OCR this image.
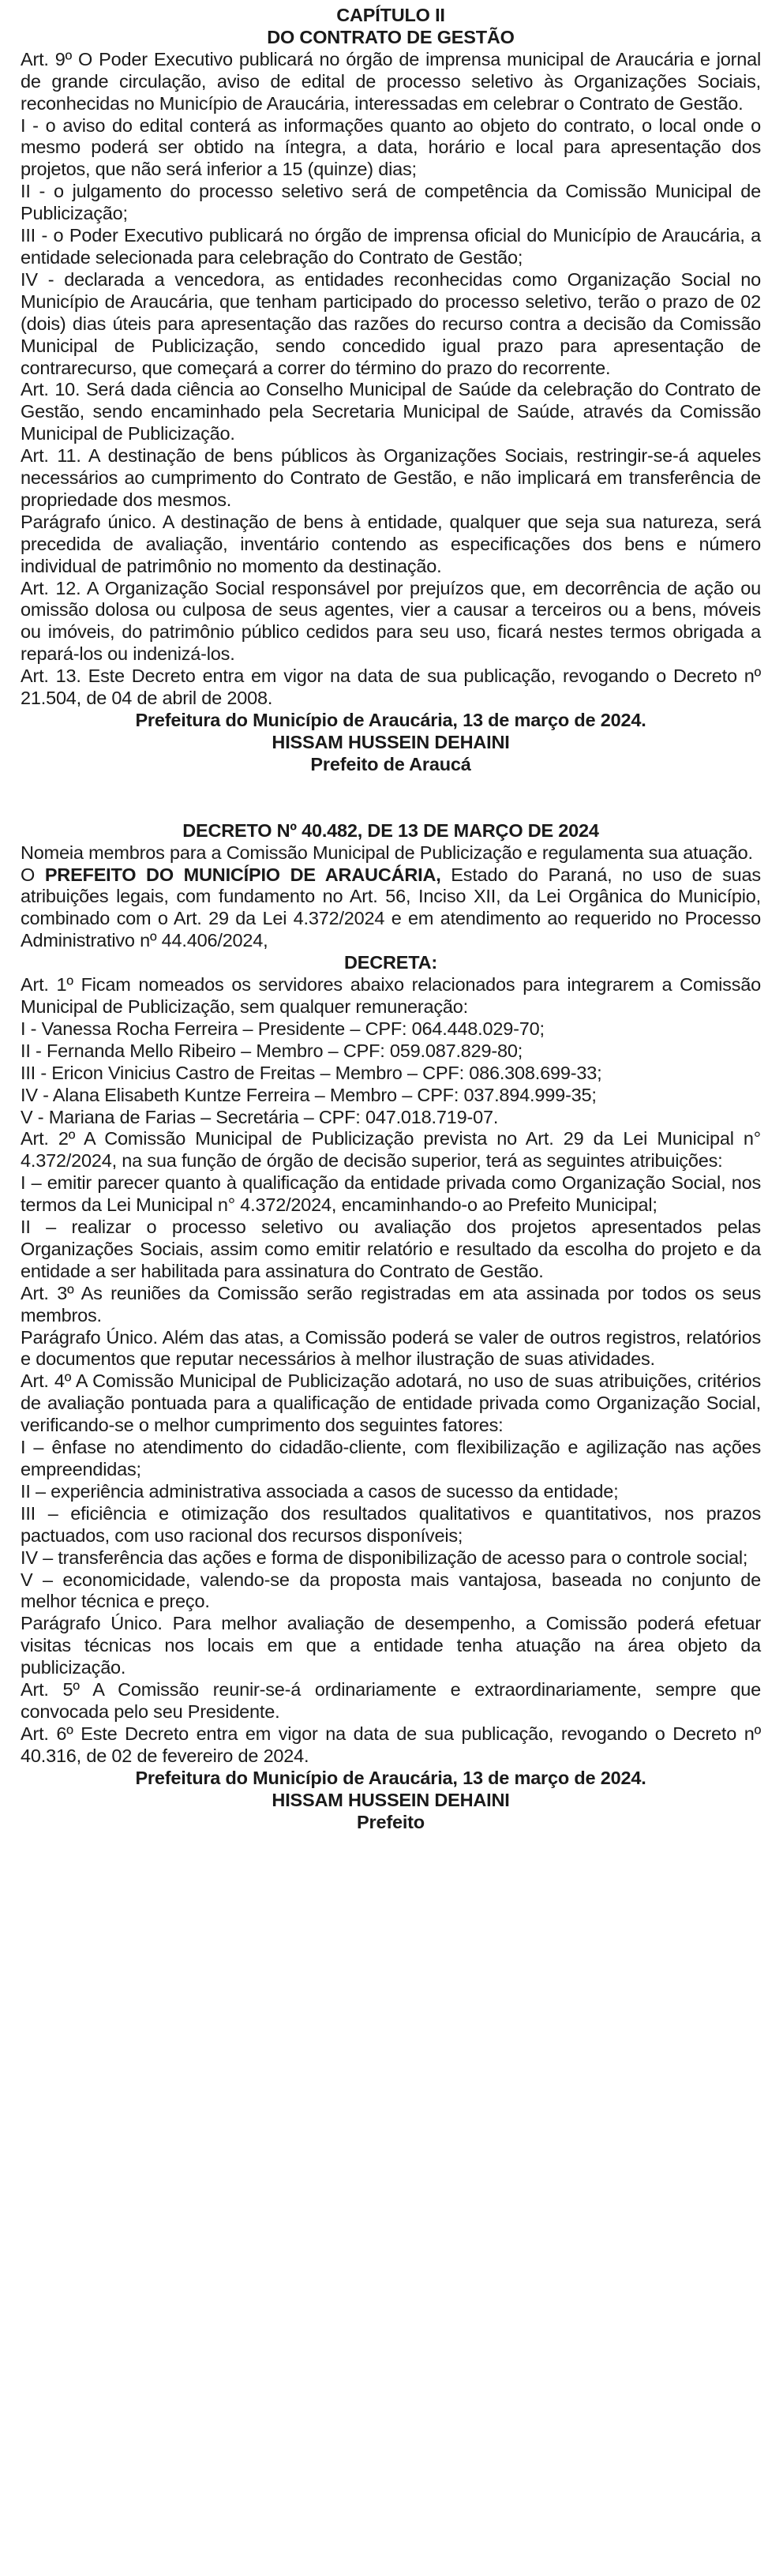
CAPÍTULO II
DO CONTRATO DE GESTÃO

Art. 9º O Poder Executivo publicará no órgão de imprensa municipal de Araucária e jornal de grande circulação, aviso de edital de processo seletivo às Organizações Sociais, reconhecidas no Município de Araucária, interessadas em celebrar o Contrato de Gestão.

I - o aviso do edital conterá as informações quanto ao objeto do contrato, o local onde o mesmo poderá ser obtido na íntegra, a data, horário e local para apresentação dos projetos, que não será inferior a 15 (quinze) dias;

II - o julgamento do processo seletivo será de competência da Comissão Municipal de Publicização;

III - o Poder Executivo publicará no órgão de imprensa oficial do Município de Araucária, a entidade selecionada para celebração do Contrato de Gestão;

IV - declarada a vencedora, as entidades reconhecidas como Organização Social no Município de Araucária, que tenham participado do processo seletivo, terão o prazo de 02 (dois) dias úteis para apresentação das razões do recurso contra a decisão da Comissão Municipal de Publicização, sendo concedido igual prazo para apresentação de contrarecurso, que começará a correr do término do prazo do recorrente.

Art. 10. Será dada ciência ao Conselho Municipal de Saúde da celebração do Contrato de Gestão, sendo encaminhado pela Secretaria Municipal de Saúde, através da Comissão Municipal de Publicização.

Art. 11. A destinação de bens públicos às Organizações Sociais, restringir-se-á aqueles necessários ao cumprimento do Contrato de Gestão, e não implicará em transferência de propriedade dos mesmos.

Parágrafo único. A destinação de bens à entidade, qualquer que seja sua natureza, será precedida de avaliação, inventário contendo as especificações dos bens e número individual de patrimônio no momento da destinação.

Art. 12. A Organização Social responsável por prejuízos que, em decorrência de ação ou omissão dolosa ou culposa de seus agentes, vier a causar a terceiros ou a bens, móveis ou imóveis, do patrimônio público cedidos para seu uso, ficará nestes termos obrigada a repará-los ou indenizá-los.

Art. 13. Este Decreto entra em vigor na data de sua publicação, revogando o Decreto nº 21.504, de 04 de abril de 2008.

Prefeitura do Município de Araucária, 13 de março de 2024.
HISSAM HUSSEIN DEHAINI
Prefeito de Araucá
DECRETO Nº 40.482, DE 13 DE MARÇO DE 2024

Nomeia membros para a Comissão Municipal de Publicização e regulamenta sua atuação.

O PREFEITO DO MUNICÍPIO DE ARAUCÁRIA, Estado do Paraná, no uso de suas atribuições legais, com fundamento no Art. 56, Inciso XII, da Lei Orgânica do Município, combinado com o Art. 29 da Lei 4.372/2024 e em atendimento ao requerido no Processo Administrativo nº 44.406/2024,

DECRETA:

Art. 1º Ficam nomeados os servidores abaixo relacionados para integrarem a Comissão Municipal de Publicização, sem qualquer remuneração:

I - Vanessa Rocha Ferreira – Presidente – CPF: 064.448.029-70;

II - Fernanda Mello Ribeiro – Membro – CPF: 059.087.829-80;

III - Ericon Vinicius Castro de Freitas – Membro – CPF: 086.308.699-33;

IV - Alana Elisabeth Kuntze Ferreira – Membro – CPF: 037.894.999-35;

V - Mariana de Farias – Secretária – CPF: 047.018.719-07.

Art. 2º A Comissão Municipal de Publicização prevista no Art. 29 da Lei Municipal n° 4.372/2024, na sua função de órgão de decisão superior, terá as seguintes atribuições:

I – emitir parecer quanto à qualificação da entidade privada como Organização Social, nos termos da Lei Municipal n° 4.372/2024, encaminhando-o ao Prefeito Municipal;

II – realizar o processo seletivo ou avaliação dos projetos apresentados pelas Organizações Sociais, assim como emitir relatório e resultado da escolha do projeto e da entidade a ser habilitada para assinatura do Contrato de Gestão.

Art. 3º As reuniões da Comissão serão registradas em ata assinada por todos os seus membros.

Parágrafo Único. Além das atas, a Comissão poderá se valer de outros registros, relatórios e documentos que reputar necessários à melhor ilustração de suas atividades.

Art. 4º A Comissão Municipal de Publicização adotará, no uso de suas atribuições, critérios de avaliação pontuada para a qualificação de entidade privada como Organização Social, verificando-se o melhor cumprimento dos seguintes fatores:

I – ênfase no atendimento do cidadão-cliente, com flexibilização e agilização nas ações empreendidas;

II – experiência administrativa associada a casos de sucesso da entidade;

III – eficiência e otimização dos resultados qualitativos e quantitativos, nos prazos pactuados, com uso racional dos recursos disponíveis;

IV – transferência das ações e forma de disponibilização de acesso para o controle social;

V – economicidade, valendo-se da proposta mais vantajosa, baseada no conjunto de melhor técnica e preço.

Parágrafo Único. Para melhor avaliação de desempenho, a Comissão poderá efetuar visitas técnicas nos locais em que a entidade tenha atuação na área objeto da publicização.

Art. 5º A Comissão reunir-se-á ordinariamente e extraordinariamente, sempre que convocada pelo seu Presidente.

Art. 6º Este Decreto entra em vigor na data de sua publicação, revogando o Decreto nº 40.316, de 02 de fevereiro de 2024.

Prefeitura do Município de Araucária, 13 de março de 2024.
HISSAM HUSSEIN DEHAINI
Prefeito
